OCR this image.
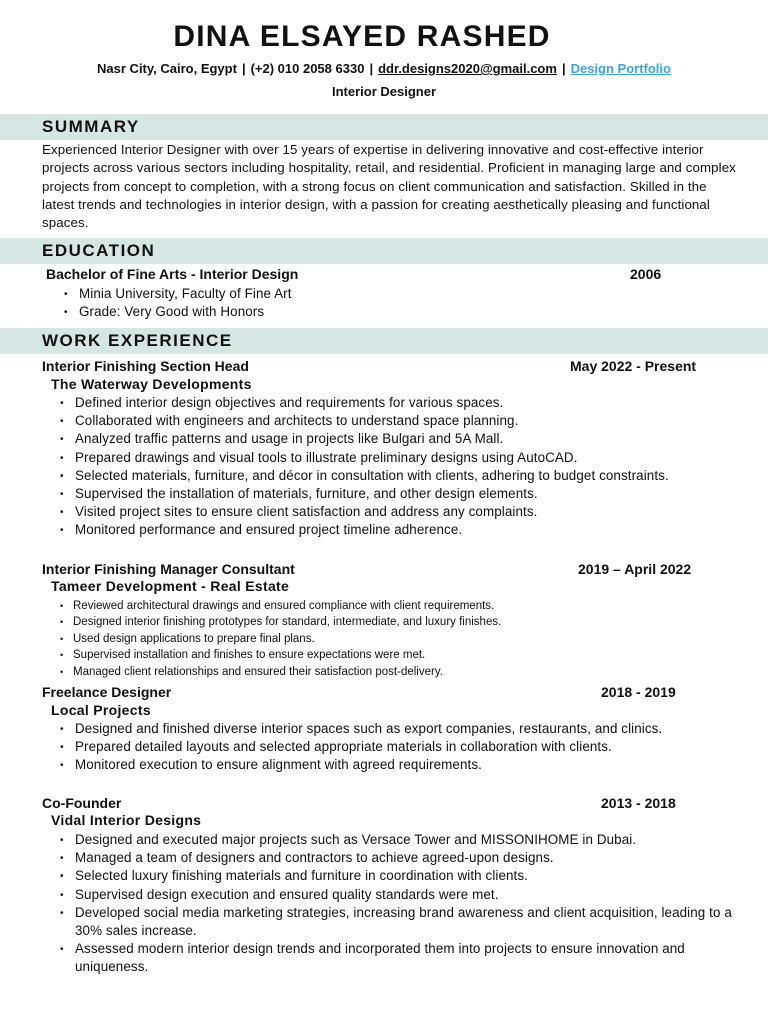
DINA ELSAYED RASHED
Nasr City, Cairo, Egypt | (+2) 010 2058 6330 | ddr.designs2020@gmail.com | Design Portfolio
Interior Designer
SUMMARY
Experienced Interior Designer with over 15 years of expertise in delivering innovative and cost-effective interior projects across various sectors including hospitality, retail, and residential. Proficient in managing large and complex projects from concept to completion, with a strong focus on client communication and satisfaction. Skilled in the latest trends and technologies in interior design, with a passion for creating aesthetically pleasing and functional spaces.
EDUCATION
Bachelor of Fine Arts - Interior Design	2006
• Minia University, Faculty of Fine Art
• Grade: Very Good with Honors
WORK EXPERIENCE
Interior Finishing Section Head	May 2022 - Present
The Waterway Developments
• Defined interior design objectives and requirements for various spaces.
• Collaborated with engineers and architects to understand space planning.
• Analyzed traffic patterns and usage in projects like Bulgari and 5A Mall.
• Prepared drawings and visual tools to illustrate preliminary designs using AutoCAD.
• Selected materials, furniture, and décor in consultation with clients, adhering to budget constraints.
• Supervised the installation of materials, furniture, and other design elements.
• Visited project sites to ensure client satisfaction and address any complaints.
• Monitored performance and ensured project timeline adherence.
Interior Finishing Manager Consultant	2019 – April 2022
Tameer Development - Real Estate
• Reviewed architectural drawings and ensured compliance with client requirements.
• Designed interior finishing prototypes for standard, intermediate, and luxury finishes.
• Used design applications to prepare final plans.
• Supervised installation and finishes to ensure expectations were met.
• Managed client relationships and ensured their satisfaction post-delivery.
Freelance Designer	2018 - 2019
Local Projects
• Designed and finished diverse interior spaces such as export companies, restaurants, and clinics.
• Prepared detailed layouts and selected appropriate materials in collaboration with clients.
• Monitored execution to ensure alignment with agreed requirements.
Co-Founder	2013 - 2018
Vidal Interior Designs
• Designed and executed major projects such as Versace Tower and MISSONIHOME in Dubai.
• Managed a team of designers and contractors to achieve agreed-upon designs.
• Selected luxury finishing materials and furniture in coordination with clients.
• Supervised design execution and ensured quality standards were met.
• Developed social media marketing strategies, increasing brand awareness and client acquisition, leading to a 30% sales increase.
• Assessed modern interior design trends and incorporated them into projects to ensure innovation and uniqueness.
